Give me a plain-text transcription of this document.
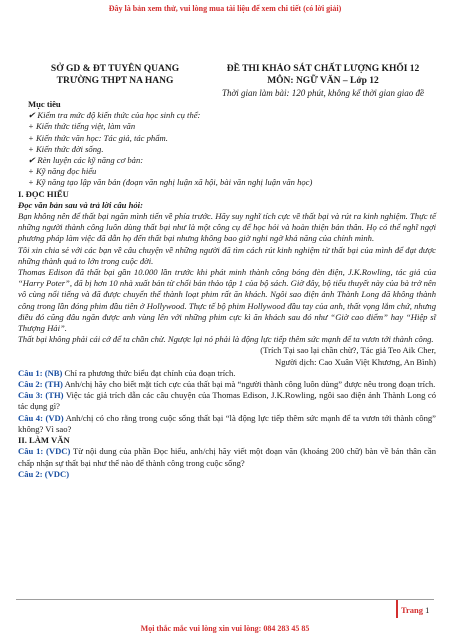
Đây là bản xem thử, vui lòng mua tài liệu để xem chi tiết (có lời giải)
SỞ GD & ĐT TUYÊN QUANG
TRƯỜNG THPT NA HANG
ĐỀ THI KHẢO SÁT CHẤT LƯỢNG KHỐI 12
MÔN: NGỮ VĂN – Lớp 12
Thời gian làm bài: 120 phút, không kể thời gian giao đề

Mục tiêu

✔ Kiểm tra mức độ kiến thức của học sinh cụ thể:

+ Kiến thức tiếng việt, làm văn

+ Kiến thức văn học: Tác giả, tác phẩm.

+ Kiến thức đời sống.

✔ Rèn luyện các kỹ năng cơ bản:

+ Kỹ năng đọc hiểu

+ Kỹ năng tạo lập văn bản (đoạn văn nghị luận xã hội, bài văn nghị luận văn học)

I. ĐỌC HIỂU

Đọc văn bản sau và trả lời câu hỏi:

Bạn không nên để thất bại ngăn mình tiến về phía trước. Hãy suy nghĩ tích cực về thất bại và rút ra kinh nghiệm. Thực tế những người thành công luôn dùng thất bại như là một công cụ để học hỏi và hoàn thiện bản thân. Họ có thể nghĩ ngợi phương pháp làm việc đã dẫn họ đến thất bại nhưng không bao giờ nghi ngờ khả năng của chính mình.

Tôi xin chia sẻ với các bạn về câu chuyện về những người đã tìm cách rút kinh nghiệm từ thất bại của mình để đạt được những thành quả to lớn trong cuộc đời.

Thomas Edison đã thất bại gần 10.000 lần trước khi phát minh thành công bóng đèn điện, J.K.Rowling, tác giả của “Harry Poter”, đã bị hơn 10 nhà xuất bản từ chối bản thảo tập 1 của bộ sách. Giờ đây, bộ tiểu thuyết này của bà trở nên vô cùng nổi tiếng và đã được chuyển thể thành loạt phim rất ăn khách. Ngôi sao điện ảnh Thành Long đã không thành công trong lần đóng phim đầu tiên ở Hollywood. Thực tế bộ phim Hollywood đầu tay của anh, thất vọng lắm chứ, nhưng điều đó cũng đâu ngăn được anh vùng lên với những phim cực kì ăn khách sau đó như “Giờ cao điểm” hay “Hiệp sĩ Thượng Hải”.

Thất bại không phải cái cớ để ta chần chừ. Ngược lại nó phải là động lực tiếp thêm sức mạnh để ta vươn tới thành công.

(Trích Tại sao lại chần chừ?, Tác giả Teo Aik Cher,

Người dịch: Cao Xuân Việt Khương, An Bình)

Câu 1: (NB) Chỉ ra phương thức biểu đạt chính của đoạn trích.

Câu 2: (TH) Anh/chị hãy cho biết mặt tích cực của thất bại mà “người thành công luôn dùng” được nêu trong đoạn trích.

Câu 3: (TH) Việc tác giả trích dẫn các câu chuyện của Thomas Edison, J.K.Rowling, ngôi sao điện ảnh Thành Long có tác dụng gì?

Câu 4: (VD) Anh/chị có cho rằng trong cuộc sống thất bại “là động lực tiếp thêm sức mạnh để ta vươn tới thành công” không? Vì sao?

II. LÀM VĂN

Câu 1: (VDC) Từ nội dung của phần Đọc hiểu, anh/chị hãy viết một đoạn văn (khoảng 200 chữ) bàn về bản thân cần chấp nhận sự thất bại như thế nào để thành công trong cuộc sống?

Câu 2: (VDC)

Trang 1
Mọi thắc mắc vui lòng xin vui lòng: 084 283 45 85
